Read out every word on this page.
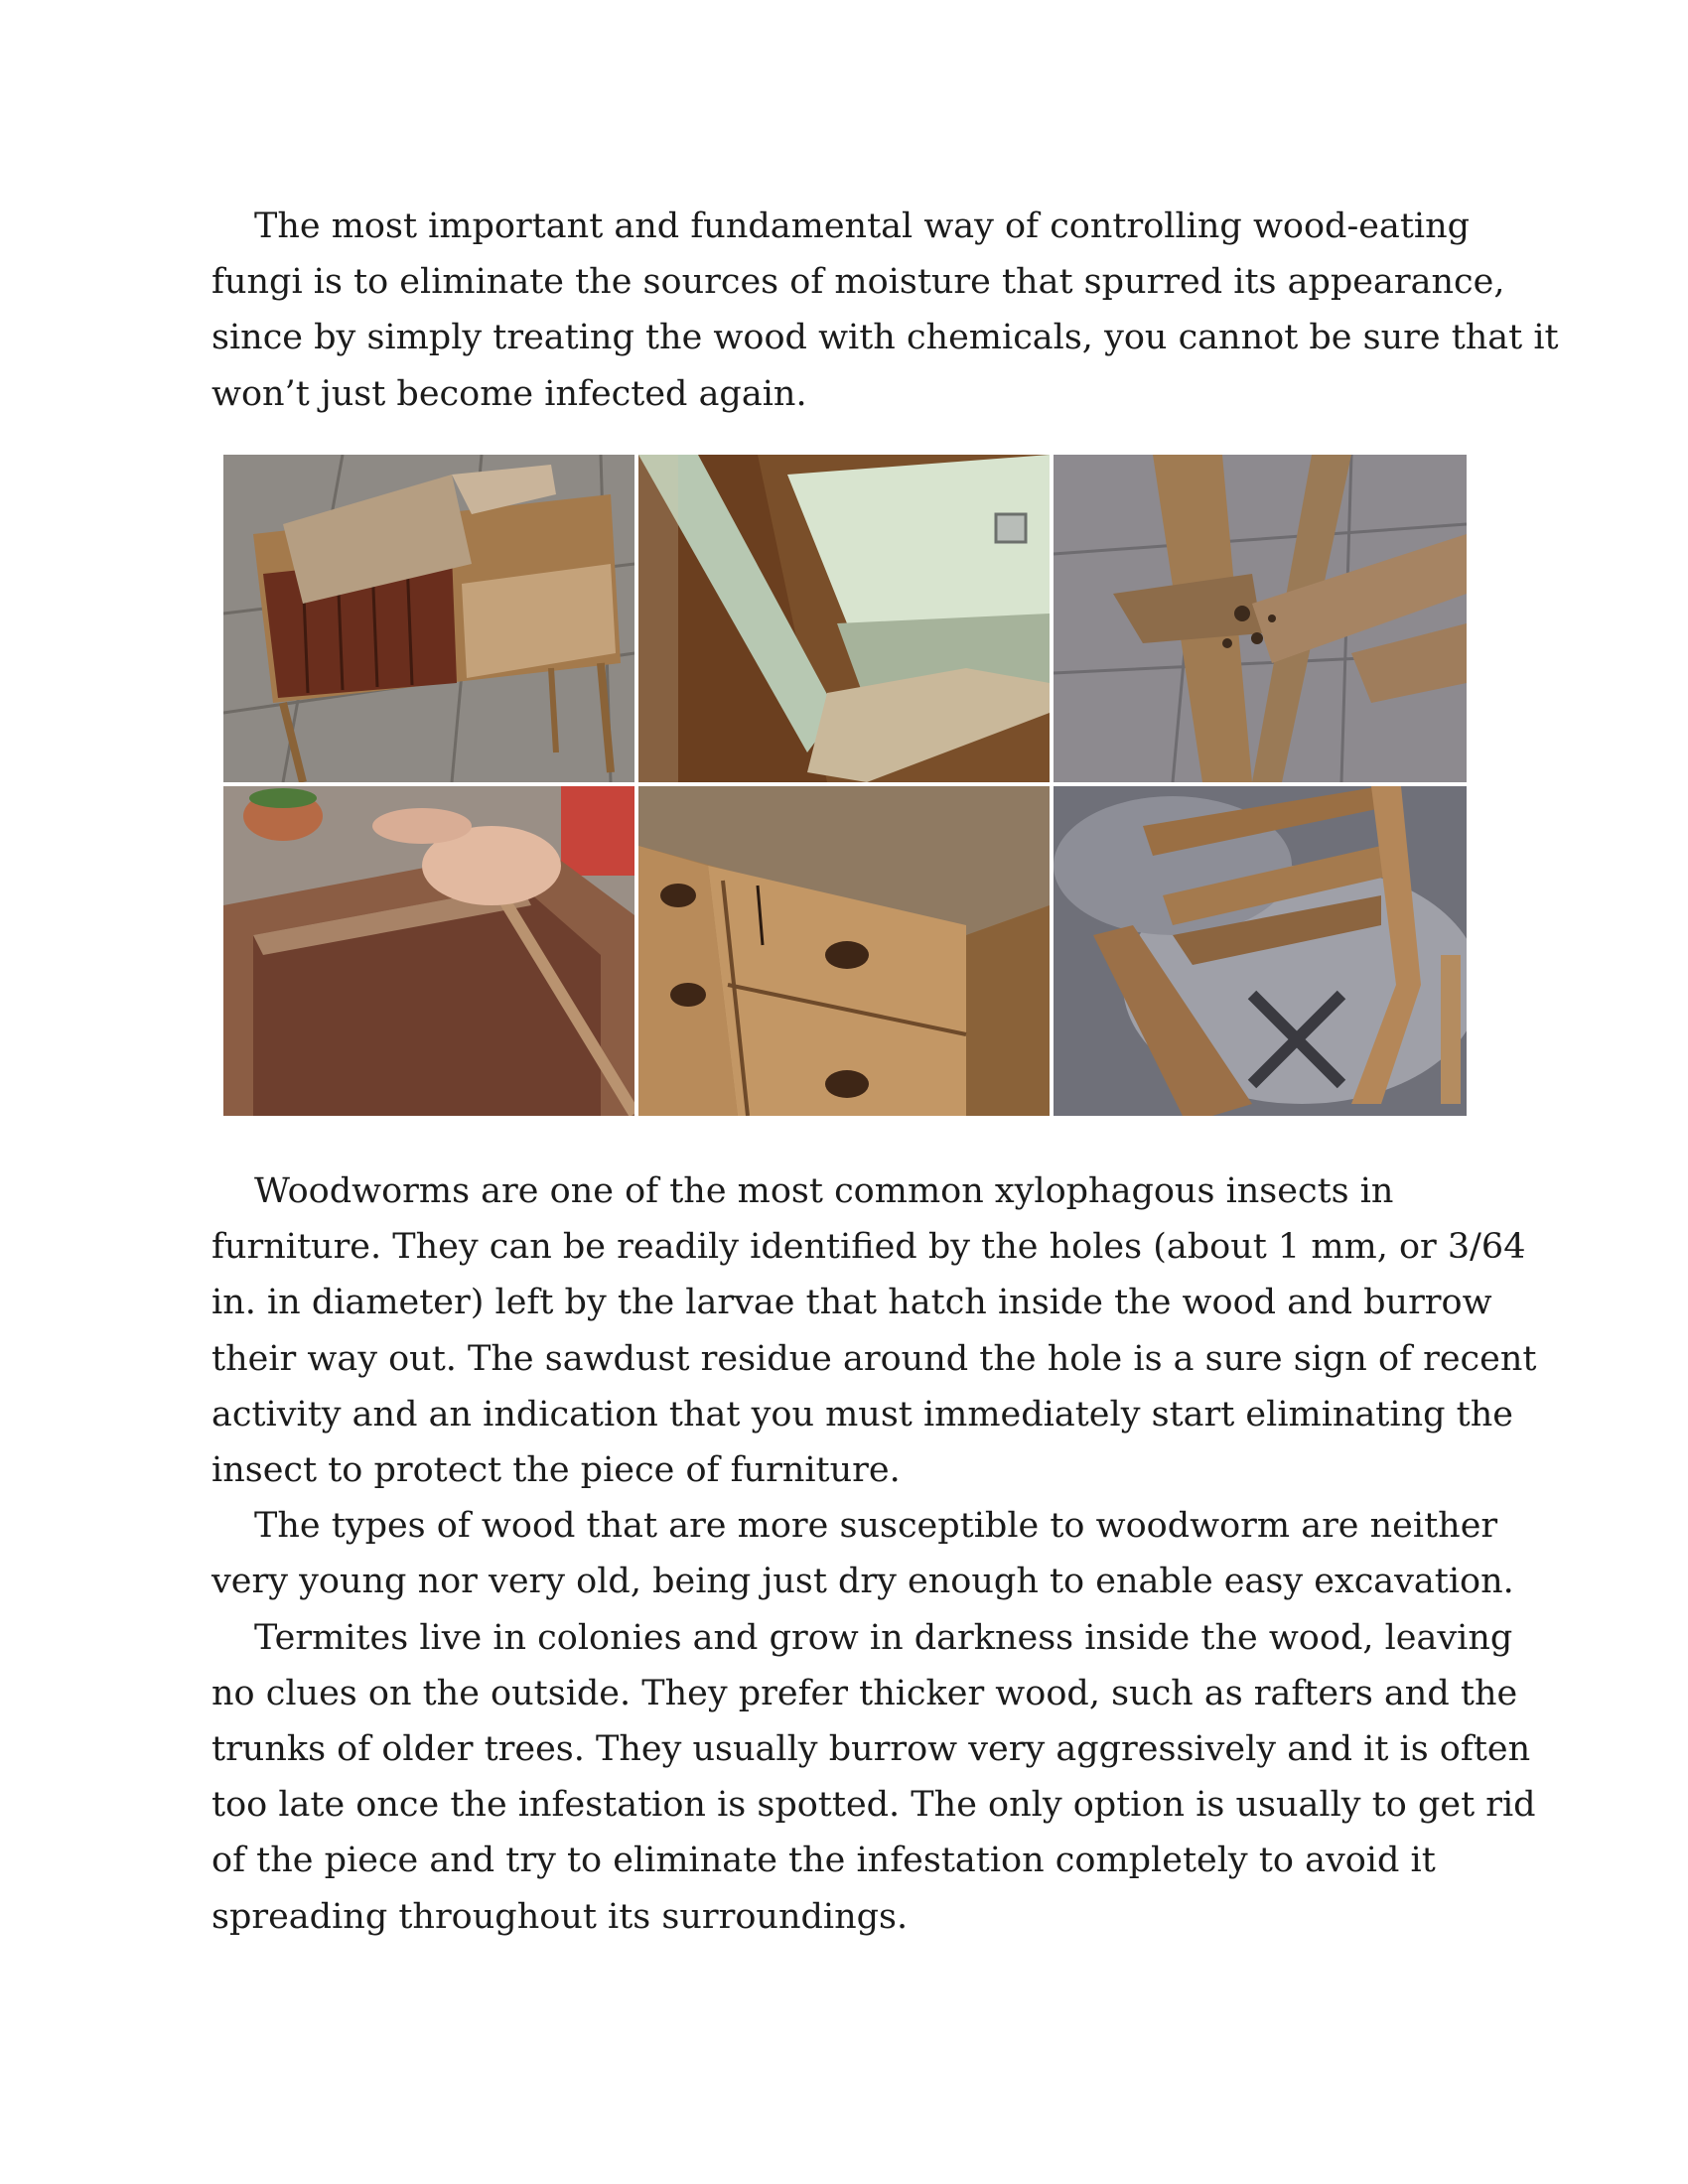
The most important and fundamental way of controlling wood-eating
fungi is to eliminate the sources of moisture that spurred its appearance,
since by simply treating the wood with chemicals, you cannot be sure that it
won’t just become infected again.

Woodworms are one of the most common xylophagous insects in
furniture. They can be readily identified by the holes (about 1 mm, or 3/64
in. in diameter) left by the larvae that hatch inside the wood and burrow
their way out. The sawdust residue around the hole is a sure sign of recent
activity and an indication that you must immediately start eliminating the
insect to protect the piece of furniture.

The types of wood that are more susceptible to woodworm are neither
very young nor very old, being just dry enough to enable easy excavation.

Termites live in colonies and grow in darkness inside the wood, leaving
no clues on the outside. They prefer thicker wood, such as rafters and the
trunks of older trees. They usually burrow very aggressively and it is often
too late once the infestation is spotted. The only option is usually to get rid
of the piece and try to eliminate the infestation completely to avoid it
spreading throughout its surroundings.
